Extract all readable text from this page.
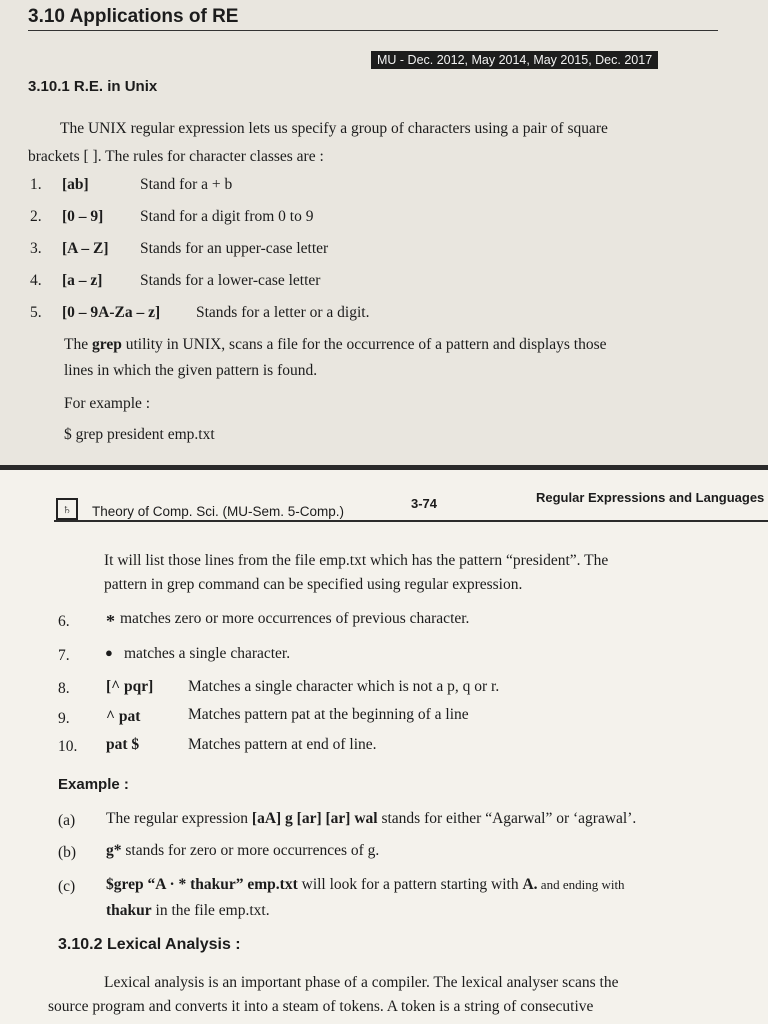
3.10 Applications of RE
MU - Dec. 2012, May 2014, May 2015, Dec. 2017
3.10.1 R.E. in Unix
The UNIX regular expression lets us specify a group of characters using a pair of square
brackets [ ]. The rules for character classes are :
1. [ab]	Stand for a + b
2. [0 – 9] Stand for a digit from 0 to 9
3. [A – Z] Stands for an upper-case letter
4. [a – z] Stands for a lower-case letter
5. [0 – 9A-Za – z] Stands for a letter or a digit.
The grep utility in UNIX, scans a file for the occurrence of a pattern and displays those
lines in which the given pattern is found.
For example :
$ grep president emp.txt
♄	Theory of Comp. Sci. (MU-Sem. 5-Comp.)
3-74	Regular Expressions and Languages
It will list those lines from the file emp.txt which has the pattern “president”. The
pattern in grep command can be specified using regular expression.
6. * matches zero or more occurrences of previous character.
7.	● matches a single character.
8. [^ pqr] Matches a single character which is not a p, q or r.
9. ^ pat	Matches pattern pat at the beginning of a line
10. pat $	Matches pattern at end of line.
Example :
(a) The regular expression [aA] g [ar] [ar] wal stands for either “Agarwal” or ‘agrawal’.
(b) g* stands for zero or more occurrences of g.
(c) $grep “A · * thakur” emp.txt will look for a pattern starting with A. and ending with
thakur in the file emp.txt.
3.10.2 Lexical Analysis :
Lexical analysis is an important phase of a compiler. The lexical analyser scans the
source program and converts it into a steam of tokens. A token is a string of consecutive
